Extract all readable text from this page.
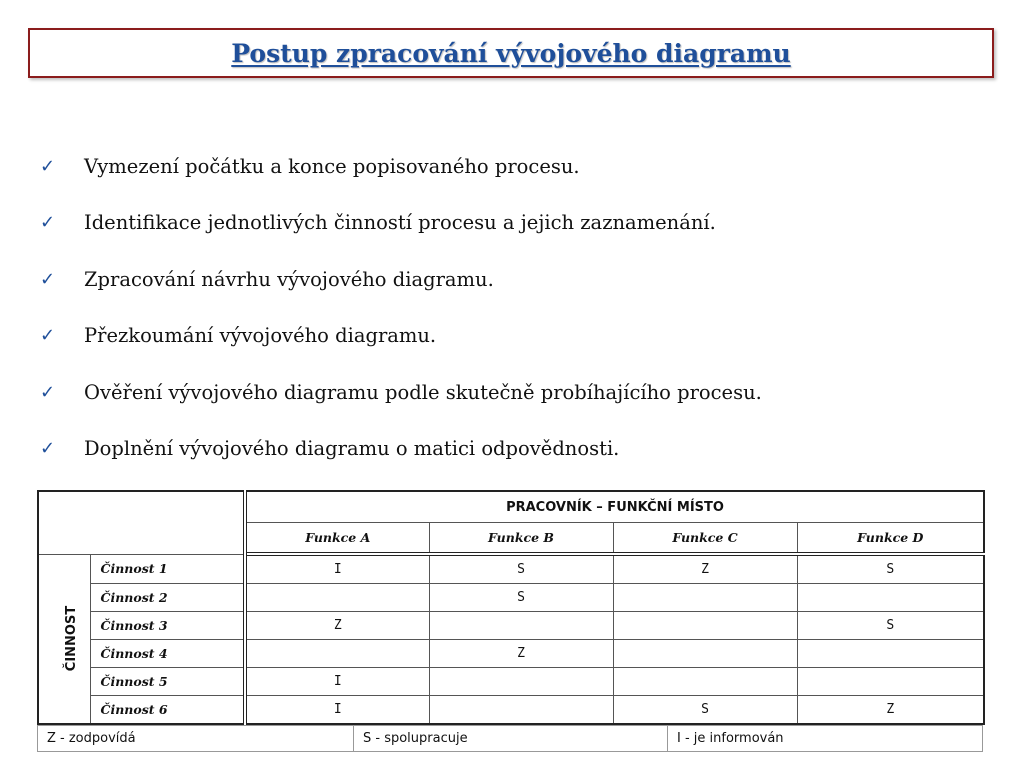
Postup zpracování vývojového diagramu
✓	Vymezení počátku a konce popisovaného procesu.
✓	Identifikace jednotlivých činností procesu a jejich zaznamenání.
✓	Zpracování návrhu vývojového diagramu.
✓	Přezkoumání vývojového diagramu.
✓	Ověření vývojového diagramu podle skutečně probíhajícího procesu.
✓	Doplnění vývojového diagramu o matici odpovědnosti.
		PRACOVNÍK – FUNKČNÍ MÍSTO			
		Funkce A	Funkce B	Funkce C	Funkce D
ČINNOST	Činnost 1	I	S	Z	S
	Činnost 2		S		
	Činnost 3	Z			S
	Činnost 4		Z		
	Činnost 5	I			
	Činnost 6	I		S	Z
Z - zodpovídá	S - spolupracuje	I - je informován
